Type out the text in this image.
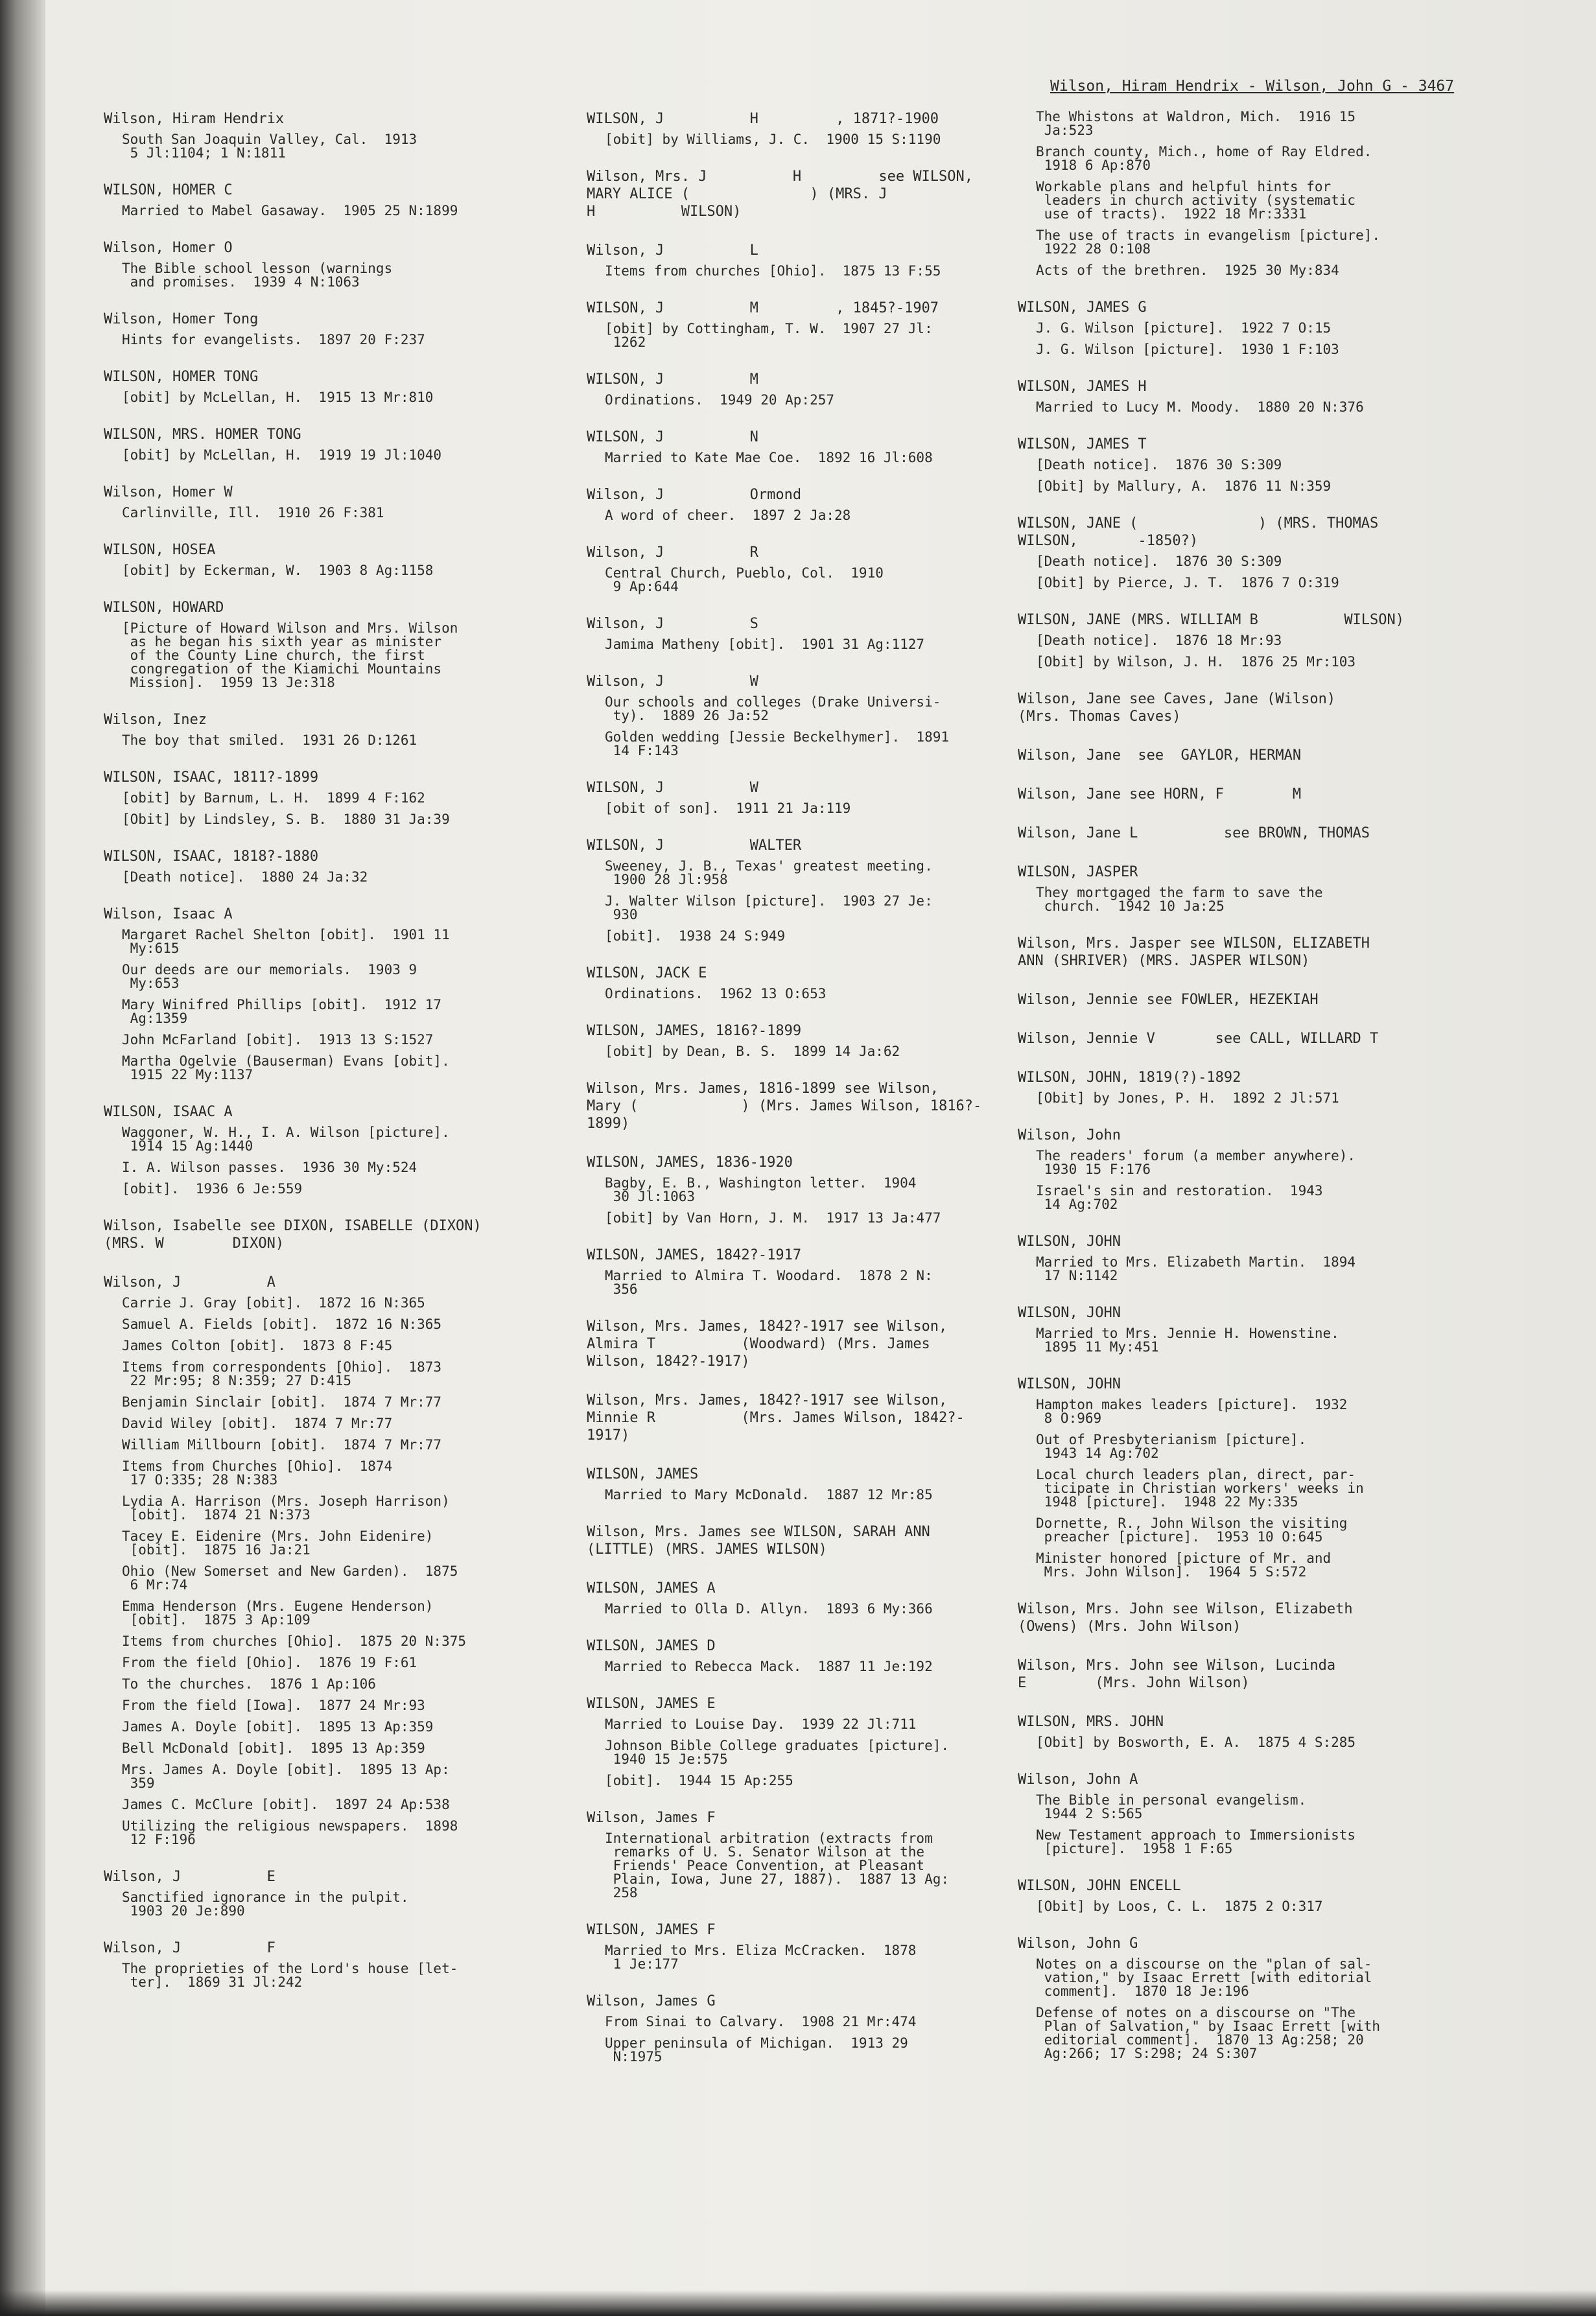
Wilson, Hiram Hendrix - Wilson, John G - 3467
Wilson, Hiram Hendrix
South San Joaquin Valley, Cal.  1913
5 Jl:1104; 1 N:1811
WILSON, HOMER C
Married to Mabel Gasaway.  1905 25 N:1899
Wilson, Homer O
The Bible school lesson (warnings
and promises.  1939 4 N:1063
Wilson, Homer Tong
Hints for evangelists.  1897 20 F:237
WILSON, HOMER TONG
[obit] by McLellan, H.  1915 13 Mr:810
WILSON, MRS. HOMER TONG
[obit] by McLellan, H.  1919 19 Jl:1040
Wilson, Homer W
Carlinville, Ill.  1910 26 F:381
WILSON, HOSEA
[obit] by Eckerman, W.  1903 8 Ag:1158
WILSON, HOWARD
[Picture of Howard Wilson and Mrs. Wilson
as he began his sixth year as minister
of the County Line church, the first
congregation of the Kiamichi Mountains
Mission].  1959 13 Je:318
Wilson, Inez
The boy that smiled.  1931 26 D:1261
WILSON, ISAAC, 1811?-1899
[obit] by Barnum, L. H.  1899 4 F:162
[Obit] by Lindsley, S. B.  1880 31 Ja:39
WILSON, ISAAC, 1818?-1880
[Death notice].  1880 24 Ja:32
Wilson, Isaac A
Margaret Rachel Shelton [obit].  1901 11
My:615
Our deeds are our memorials.  1903 9
My:653
Mary Winifred Phillips [obit].  1912 17
Ag:1359
John McFarland [obit].  1913 13 S:1527
Martha Ogelvie (Bauserman) Evans [obit].
1915 22 My:1137
WILSON, ISAAC A
Waggoner, W. H., I. A. Wilson [picture].
1914 15 Ag:1440
I. A. Wilson passes.  1936 30 My:524
[obit].  1936 6 Je:559
Wilson, Isabelle see DIXON, ISABELLE (DIXON)
(MRS. W        DIXON)
Wilson, J          A
Carrie J. Gray [obit].  1872 16 N:365
Samuel A. Fields [obit].  1872 16 N:365
James Colton [obit].  1873 8 F:45
Items from correspondents [Ohio].  1873
22 Mr:95; 8 N:359; 27 D:415
Benjamin Sinclair [obit].  1874 7 Mr:77
David Wiley [obit].  1874 7 Mr:77
William Millbourn [obit].  1874 7 Mr:77
Items from Churches [Ohio].  1874
17 O:335; 28 N:383
Lydia A. Harrison (Mrs. Joseph Harrison)
[obit].  1874 21 N:373
Tacey E. Eidenire (Mrs. John Eidenire)
[obit].  1875 16 Ja:21
Ohio (New Somerset and New Garden).  1875
6 Mr:74
Emma Henderson (Mrs. Eugene Henderson)
[obit].  1875 3 Ap:109
Items from churches [Ohio].  1875 20 N:375
From the field [Ohio].  1876 19 F:61
To the churches.  1876 1 Ap:106
From the field [Iowa].  1877 24 Mr:93
James A. Doyle [obit].  1895 13 Ap:359
Bell McDonald [obit].  1895 13 Ap:359
Mrs. James A. Doyle [obit].  1895 13 Ap:
359
James C. McClure [obit].  1897 24 Ap:538
Utilizing the religious newspapers.  1898
12 F:196
Wilson, J          E
Sanctified ignorance in the pulpit.
1903 20 Je:890
Wilson, J          F
The proprieties of the Lord's house [let-
ter].  1869 31 Jl:242
WILSON, J          H         , 1871?-1900
[obit] by Williams, J. C.  1900 15 S:1190
Wilson, Mrs. J          H         see WILSON,
MARY ALICE (              ) (MRS. J
H          WILSON)
Wilson, J          L
Items from churches [Ohio].  1875 13 F:55
WILSON, J          M         , 1845?-1907
[obit] by Cottingham, T. W.  1907 27 Jl:
1262
WILSON, J          M
Ordinations.  1949 20 Ap:257
WILSON, J          N
Married to Kate Mae Coe.  1892 16 Jl:608
Wilson, J          Ormond
A word of cheer.  1897 2 Ja:28
Wilson, J          R
Central Church, Pueblo, Col.  1910
9 Ap:644
Wilson, J          S
Jamima Matheny [obit].  1901 31 Ag:1127
Wilson, J          W
Our schools and colleges (Drake Universi-
ty).  1889 26 Ja:52
Golden wedding [Jessie Beckelhymer].  1891
14 F:143
WILSON, J          W
[obit of son].  1911 21 Ja:119
WILSON, J          WALTER
Sweeney, J. B., Texas' greatest meeting.
1900 28 Jl:958
J. Walter Wilson [picture].  1903 27 Je:
930
[obit].  1938 24 S:949
WILSON, JACK E
Ordinations.  1962 13 O:653
WILSON, JAMES, 1816?-1899
[obit] by Dean, B. S.  1899 14 Ja:62
Wilson, Mrs. James, 1816-1899 see Wilson,
Mary (            ) (Mrs. James Wilson, 1816?-
1899)
WILSON, JAMES, 1836-1920
Bagby, E. B., Washington letter.  1904
30 Jl:1063
[obit] by Van Horn, J. M.  1917 13 Ja:477
WILSON, JAMES, 1842?-1917
Married to Almira T. Woodard.  1878 2 N:
356
Wilson, Mrs. James, 1842?-1917 see Wilson,
Almira T          (Woodward) (Mrs. James
Wilson, 1842?-1917)
Wilson, Mrs. James, 1842?-1917 see Wilson,
Minnie R          (Mrs. James Wilson, 1842?-
1917)
WILSON, JAMES
Married to Mary McDonald.  1887 12 Mr:85
Wilson, Mrs. James see WILSON, SARAH ANN
(LITTLE) (MRS. JAMES WILSON)
WILSON, JAMES A
Married to Olla D. Allyn.  1893 6 My:366
WILSON, JAMES D
Married to Rebecca Mack.  1887 11 Je:192
WILSON, JAMES E
Married to Louise Day.  1939 22 Jl:711
Johnson Bible College graduates [picture].
1940 15 Je:575
[obit].  1944 15 Ap:255
Wilson, James F
International arbitration (extracts from
remarks of U. S. Senator Wilson at the
Friends' Peace Convention, at Pleasant
Plain, Iowa, June 27, 1887).  1887 13 Ag:
258
WILSON, JAMES F
Married to Mrs. Eliza McCracken.  1878
1 Je:177
Wilson, James G
From Sinai to Calvary.  1908 21 Mr:474
Upper peninsula of Michigan.  1913 29
N:1975
The Whistons at Waldron, Mich.  1916 15
Ja:523
Branch county, Mich., home of Ray Eldred.
1918 6 Ap:870
Workable plans and helpful hints for
leaders in church activity (systematic
use of tracts).  1922 18 Mr:3331
The use of tracts in evangelism [picture].
1922 28 O:108
Acts of the brethren.  1925 30 My:834
WILSON, JAMES G
J. G. Wilson [picture].  1922 7 O:15
J. G. Wilson [picture].  1930 1 F:103
WILSON, JAMES H
Married to Lucy M. Moody.  1880 20 N:376
WILSON, JAMES T
[Death notice].  1876 30 S:309
[Obit] by Mallury, A.  1876 11 N:359
WILSON, JANE (              ) (MRS. THOMAS
WILSON,       -1850?)
[Death notice].  1876 30 S:309
[Obit] by Pierce, J. T.  1876 7 O:319
WILSON, JANE (MRS. WILLIAM B          WILSON)
[Death notice].  1876 18 Mr:93
[Obit] by Wilson, J. H.  1876 25 Mr:103
Wilson, Jane see Caves, Jane (Wilson)
(Mrs. Thomas Caves)
Wilson, Jane  see  GAYLOR, HERMAN
Wilson, Jane see HORN, F        M
Wilson, Jane L          see BROWN, THOMAS
WILSON, JASPER
They mortgaged the farm to save the
church.  1942 10 Ja:25
Wilson, Mrs. Jasper see WILSON, ELIZABETH
ANN (SHRIVER) (MRS. JASPER WILSON)
Wilson, Jennie see FOWLER, HEZEKIAH
Wilson, Jennie V       see CALL, WILLARD T
WILSON, JOHN, 1819(?)-1892
[Obit] by Jones, P. H.  1892 2 Jl:571
Wilson, John
The readers' forum (a member anywhere).
1930 15 F:176
Israel's sin and restoration.  1943
14 Ag:702
WILSON, JOHN
Married to Mrs. Elizabeth Martin.  1894
17 N:1142
WILSON, JOHN
Married to Mrs. Jennie H. Howenstine.
1895 11 My:451
WILSON, JOHN
Hampton makes leaders [picture].  1932
8 O:969
Out of Presbyterianism [picture].
1943 14 Ag:702
Local church leaders plan, direct, par-
ticipate in Christian workers' weeks in
1948 [picture].  1948 22 My:335
Dornette, R., John Wilson the visiting
preacher [picture].  1953 10 O:645
Minister honored [picture of Mr. and
Mrs. John Wilson].  1964 5 S:572
Wilson, Mrs. John see Wilson, Elizabeth
(Owens) (Mrs. John Wilson)
Wilson, Mrs. John see Wilson, Lucinda
E        (Mrs. John Wilson)
WILSON, MRS. JOHN
[Obit] by Bosworth, E. A.  1875 4 S:285
Wilson, John A
The Bible in personal evangelism.
1944 2 S:565
New Testament approach to Immersionists
[picture].  1958 1 F:65
WILSON, JOHN ENCELL
[Obit] by Loos, C. L.  1875 2 O:317
Wilson, John G
Notes on a discourse on the "plan of sal-
vation," by Isaac Errett [with editorial
comment].  1870 18 Je:196
Defense of notes on a discourse on "The
Plan of Salvation," by Isaac Errett [with
editorial comment].  1870 13 Ag:258; 20
Ag:266; 17 S:298; 24 S:307
